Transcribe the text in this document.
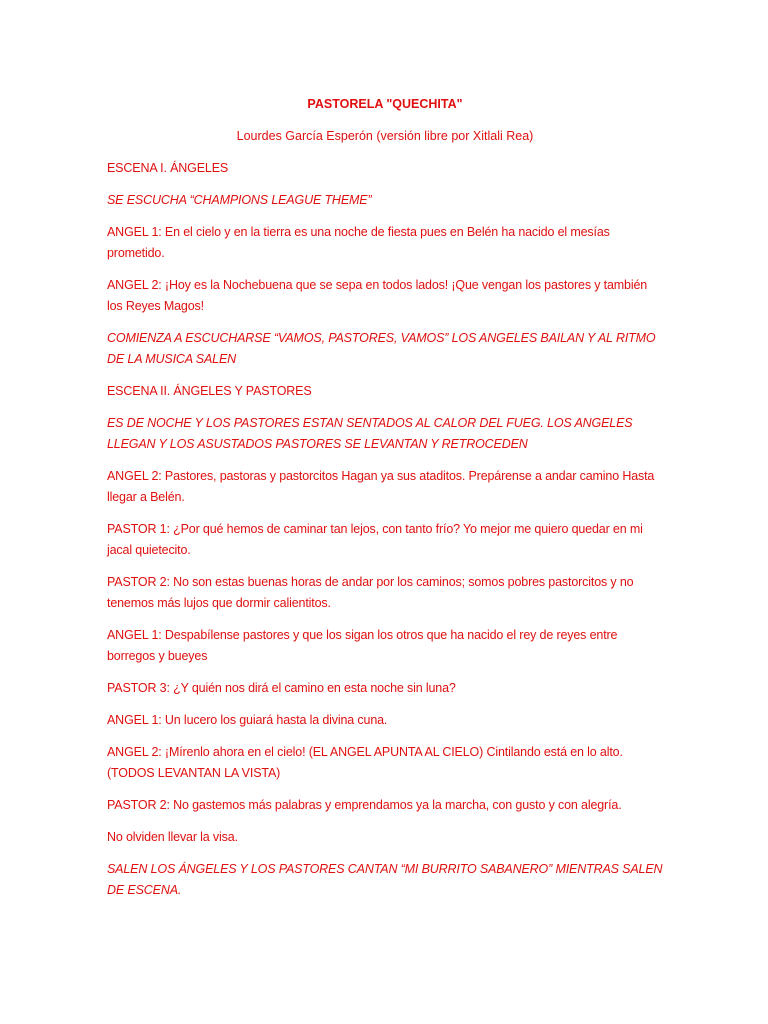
PASTORELA "QUECHITA"
Lourdes García Esperón (versión libre por Xitlali Rea)
ESCENA I. ÁNGELES
SE ESCUCHA “CHAMPIONS LEAGUE THEME”
ANGEL 1: En el cielo y en la tierra es una noche de fiesta pues en Belén ha nacido el mesías prometido.
ANGEL 2: ¡Hoy es la Nochebuena que se sepa en todos lados! ¡Que vengan los pastores y también los Reyes Magos!
COMIENZA A ESCUCHARSE “VAMOS, PASTORES, VAMOS” LOS ANGELES BAILAN Y AL RITMO DE LA MUSICA SALEN
ESCENA II. ÁNGELES Y PASTORES
ES DE NOCHE Y LOS PASTORES ESTAN SENTADOS AL CALOR DEL FUEG. LOS ANGELES LLEGAN Y LOS ASUSTADOS PASTORES SE LEVANTAN Y RETROCEDEN
ANGEL 2: Pastores, pastoras y pastorcitos Hagan ya sus ataditos. Prepárense a andar camino Hasta llegar a Belén.
PASTOR 1: ¿Por qué hemos de caminar tan lejos, con tanto frío? Yo mejor me quiero quedar en mi jacal quietecito.
PASTOR 2: No son estas buenas horas de andar por los caminos; somos pobres pastorcitos y no tenemos más lujos que dormir calientitos.
ANGEL 1: Despabílense pastores y que los sigan los otros que ha nacido el rey de reyes entre borregos y bueyes
PASTOR 3: ¿Y quién nos dirá el camino en esta noche sin luna?
ANGEL 1: Un lucero los guiará hasta la divina cuna.
ANGEL 2: ¡Mírenlo ahora en el cielo! (EL ANGEL APUNTA AL CIELO) Cintilando está en lo alto. (TODOS LEVANTAN LA VISTA)
PASTOR 2: No gastemos más palabras y emprendamos ya la marcha, con gusto y con alegría.
No olviden llevar la visa.
SALEN LOS ÁNGELES Y LOS PASTORES CANTAN “MI BURRITO SABANERO” MIENTRAS SALEN DE ESCENA.
